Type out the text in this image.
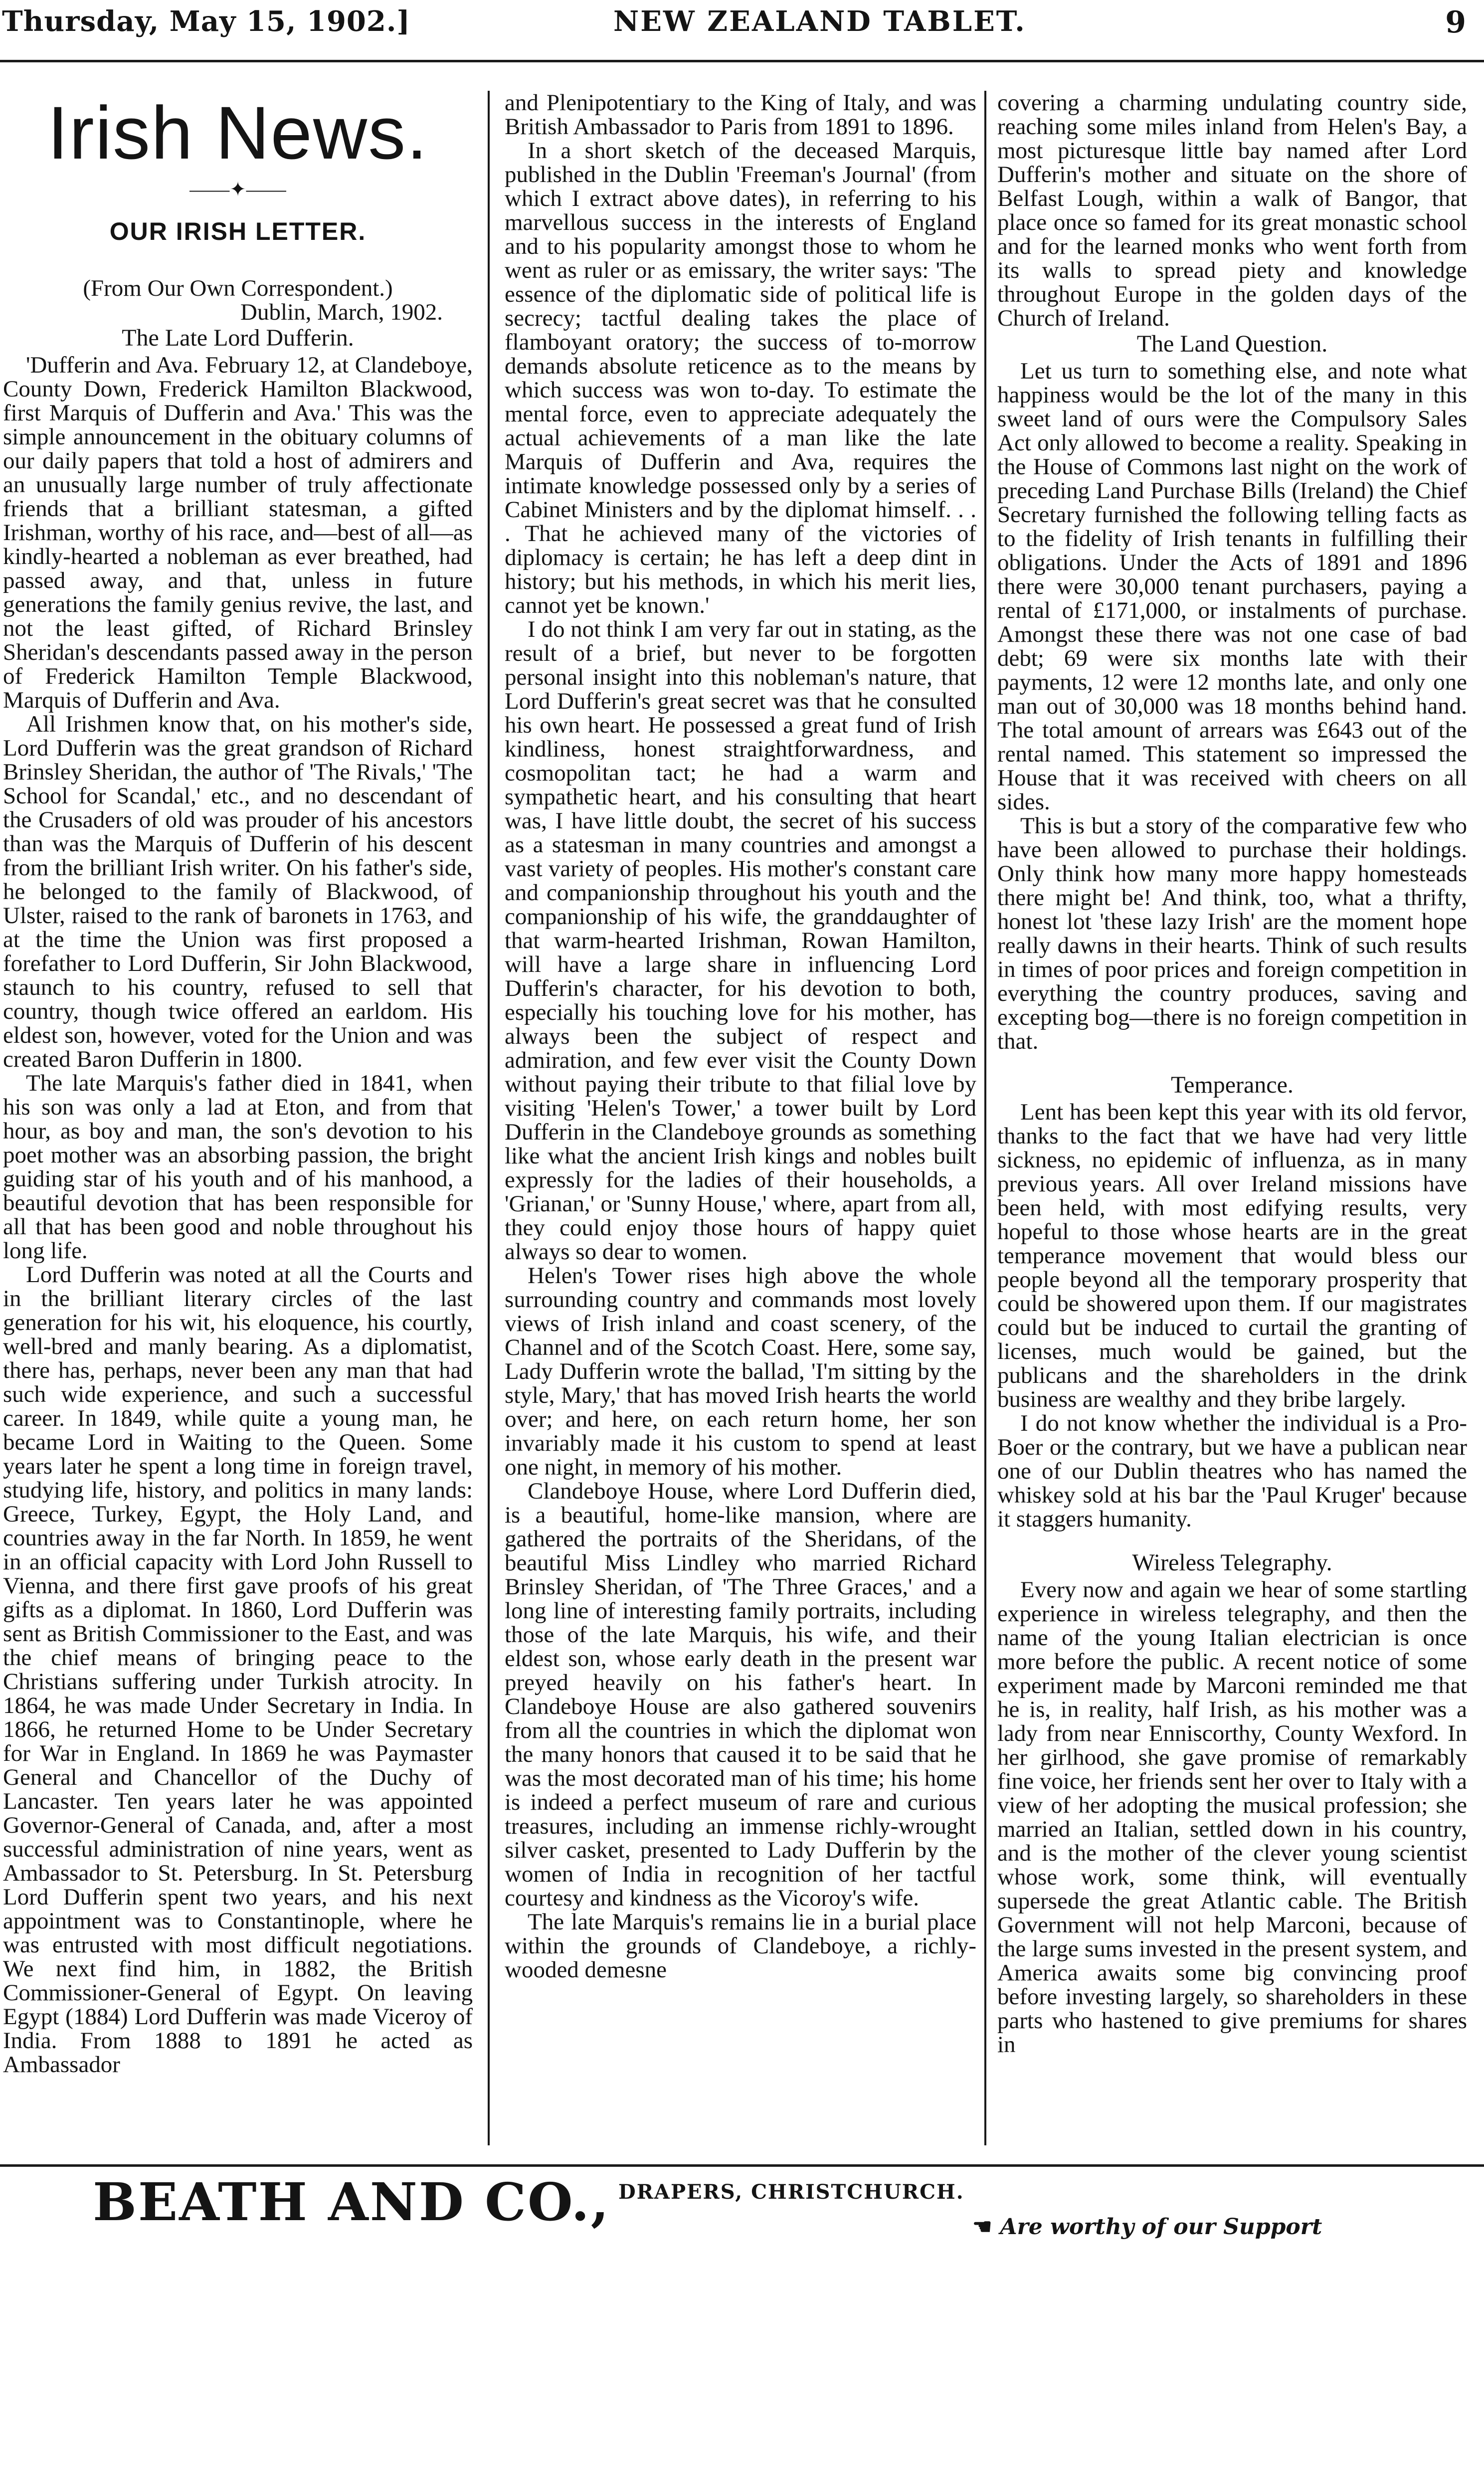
Thursday, May 15, 1902.]	NEW ZEALAND TABLET.	9
Irish News.
——✦——
OUR IRISH LETTER.

(From Our Own Correspondent.)

Dublin, March, 1902.

The Late Lord Dufferin.

'Dufferin and Ava. February 12, at Clandeboye, County Down, Frederick Hamilton Blackwood, first Marquis of Dufferin and Ava.' This was the simple announcement in the obituary columns of our daily papers that told a host of admirers and an unusually large number of truly affectionate friends that a brilliant statesman, a gifted Irishman, worthy of his race, and—best of all—as kindly-hearted a nobleman as ever breathed, had passed away, and that, unless in future generations the family genius revive, the last, and not the least gifted, of Richard Brinsley Sheridan's descendants passed away in the person of Frederick Hamilton Temple Blackwood, Marquis of Dufferin and Ava.

All Irishmen know that, on his mother's side, Lord Dufferin was the great grandson of Richard Brinsley Sheridan, the author of 'The Rivals,' 'The School for Scandal,' etc., and no descendant of the Crusaders of old was prouder of his ancestors than was the Marquis of Dufferin of his descent from the brilliant Irish writer. On his father's side, he belonged to the family of Blackwood, of Ulster, raised to the rank of baronets in 1763, and at the time the Union was first proposed a forefather to Lord Dufferin, Sir John Blackwood, staunch to his country, refused to sell that country, though twice offered an earldom. His eldest son, however, voted for the Union and was created Baron Dufferin in 1800.

The late Marquis's father died in 1841, when his son was only a lad at Eton, and from that hour, as boy and man, the son's devotion to his poet mother was an absorbing passion, the bright guiding star of his youth and of his manhood, a beautiful devotion that has been responsible for all that has been good and noble throughout his long life.

Lord Dufferin was noted at all the Courts and in the brilliant literary circles of the last generation for his wit, his eloquence, his courtly, well-bred and manly bearing. As a diplomatist, there has, perhaps, never been any man that had such wide experience, and such a successful career. In 1849, while quite a young man, he became Lord in Waiting to the Queen. Some years later he spent a long time in foreign travel, studying life, history, and politics in many lands: Greece, Turkey, Egypt, the Holy Land, and countries away in the far North. In 1859, he went in an official capacity with Lord John Russell to Vienna, and there first gave proofs of his great gifts as a diplomat. In 1860, Lord Dufferin was sent as British Commissioner to the East, and was the chief means of bringing peace to the Christians suffering under Turkish atrocity. In 1864, he was made Under Secretary in India. In 1866, he returned Home to be Under Secretary for War in England. In 1869 he was Paymaster General and Chancellor of the Duchy of Lancaster. Ten years later he was appointed Governor-General of Canada, and, after a most successful administration of nine years, went as Ambassador to St. Petersburg. In St. Petersburg Lord Dufferin spent two years, and his next appointment was to Constantinople, where he was entrusted with most difficult negotiations. We next find him, in 1882, the British Commissioner-General of Egypt. On leaving Egypt (1884) Lord Dufferin was made Viceroy of India. From 1888 to 1891 he acted as Ambassador

and Plenipotentiary to the King of Italy, and was British Ambassador to Paris from 1891 to 1896.

In a short sketch of the deceased Marquis, published in the Dublin 'Freeman's Journal' (from which I extract above dates), in referring to his marvellous success in the interests of England and to his popularity amongst those to whom he went as ruler or as emissary, the writer says: 'The essence of the diplomatic side of political life is secrecy; tactful dealing takes the place of flamboyant oratory; the success of to-morrow demands absolute reticence as to the means by which success was won to-day. To estimate the mental force, even to appreciate adequately the actual achievements of a man like the late Marquis of Dufferin and Ava, requires the intimate knowledge possessed only by a series of Cabinet Ministers and by the diplomat himself. . . . That he achieved many of the victories of diplomacy is certain; he has left a deep dint in history; but his methods, in which his merit lies, cannot yet be known.'

I do not think I am very far out in stating, as the result of a brief, but never to be forgotten personal insight into this nobleman's nature, that Lord Dufferin's great secret was that he consulted his own heart. He possessed a great fund of Irish kindliness, honest straightforwardness, and cosmopolitan tact; he had a warm and sympathetic heart, and his consulting that heart was, I have little doubt, the secret of his success as a statesman in many countries and amongst a vast variety of peoples. His mother's constant care and companionship throughout his youth and the companionship of his wife, the granddaughter of that warm-hearted Irishman, Rowan Hamilton, will have a large share in influencing Lord Dufferin's character, for his devotion to both, especially his touching love for his mother, has always been the subject of respect and admiration, and few ever visit the County Down without paying their tribute to that filial love by visiting 'Helen's Tower,' a tower built by Lord Dufferin in the Clandeboye grounds as something like what the ancient Irish kings and nobles built expressly for the ladies of their households, a 'Grianan,' or 'Sunny House,' where, apart from all, they could enjoy those hours of happy quiet always so dear to women.

Helen's Tower rises high above the whole surrounding country and commands most lovely views of Irish inland and coast scenery, of the Channel and of the Scotch Coast. Here, some say, Lady Dufferin wrote the ballad, 'I'm sitting by the style, Mary,' that has moved Irish hearts the world over; and here, on each return home, her son invariably made it his custom to spend at least one night, in memory of his mother.

Clandeboye House, where Lord Dufferin died, is a beautiful, home-like mansion, where are gathered the portraits of the Sheridans, of the beautiful Miss Lindley who married Richard Brinsley Sheridan, of 'The Three Graces,' and a long line of interesting family portraits, including those of the late Marquis, his wife, and their eldest son, whose early death in the present war preyed heavily on his father's heart. In Clandeboye House are also gathered souvenirs from all the countries in which the diplomat won the many honors that caused it to be said that he was the most decorated man of his time; his home is indeed a perfect museum of rare and curious treasures, including an immense richly-wrought silver casket, presented to Lady Dufferin by the women of India in recognition of her tactful courtesy and kindness as the Vicoroy's wife.

The late Marquis's remains lie in a burial place within the grounds of Clandeboye, a richly-wooded demesne

covering a charming undulating country side, reaching some miles inland from Helen's Bay, a most picturesque little bay named after Lord Dufferin's mother and situate on the shore of Belfast Lough, within a walk of Bangor, that place once so famed for its great monastic school and for the learned monks who went forth from its walls to spread piety and knowledge throughout Europe in the golden days of the Church of Ireland.

The Land Question.

Let us turn to something else, and note what happiness would be the lot of the many in this sweet land of ours were the Compulsory Sales Act only allowed to become a reality. Speaking in the House of Commons last night on the work of preceding Land Purchase Bills (Ireland) the Chief Secretary furnished the following telling facts as to the fidelity of Irish tenants in fulfilling their obligations. Under the Acts of 1891 and 1896 there were 30,000 tenant purchasers, paying a rental of £171,000, or instalments of purchase. Amongst these there was not one case of bad debt; 69 were six months late with their payments, 12 were 12 months late, and only one man out of 30,000 was 18 months behind hand. The total amount of arrears was £643 out of the rental named. This statement so impressed the House that it was received with cheers on all sides.

This is but a story of the comparative few who have been allowed to purchase their holdings. Only think how many more happy homesteads there might be! And think, too, what a thrifty, honest lot 'these lazy Irish' are the moment hope really dawns in their hearts. Think of such results in times of poor prices and foreign competition in everything the country produces, saving and excepting bog—there is no foreign competition in that.

Temperance.

Lent has been kept this year with its old fervor, thanks to the fact that we have had very little sickness, no epidemic of influenza, as in many previous years. All over Ireland missions have been held, with most edifying results, very hopeful to those whose hearts are in the great temperance movement that would bless our people beyond all the temporary prosperity that could be showered upon them. If our magistrates could but be induced to curtail the granting of licenses, much would be gained, but the publicans and the shareholders in the drink business are wealthy and they bribe largely.

I do not know whether the individual is a Pro-Boer or the contrary, but we have a publican near one of our Dublin theatres who has named the whiskey sold at his bar the 'Paul Kruger' because it staggers humanity.

Wireless Telegraphy.

Every now and again we hear of some startling experience in wireless telegraphy, and then the name of the young Italian electrician is once more before the public. A recent notice of some experiment made by Marconi reminded me that he is, in reality, half Irish, as his mother was a lady from near Enniscorthy, County Wexford. In her girlhood, she gave promise of remarkably fine voice, her friends sent her over to Italy with a view of her adopting the musical profession; she married an Italian, settled down in his country, and is the mother of the clever young scientist whose work, some think, will eventually supersede the great Atlantic cable. The British Government will not help Marconi, because of the large sums invested in the present system, and America awaits some big convincing proof before investing largely, so shareholders in these parts who hastened to give premiums for shares in

BEATH AND CO., DRAPERS, CHRISTCHURCH.
☛ Are worthy of our Support
